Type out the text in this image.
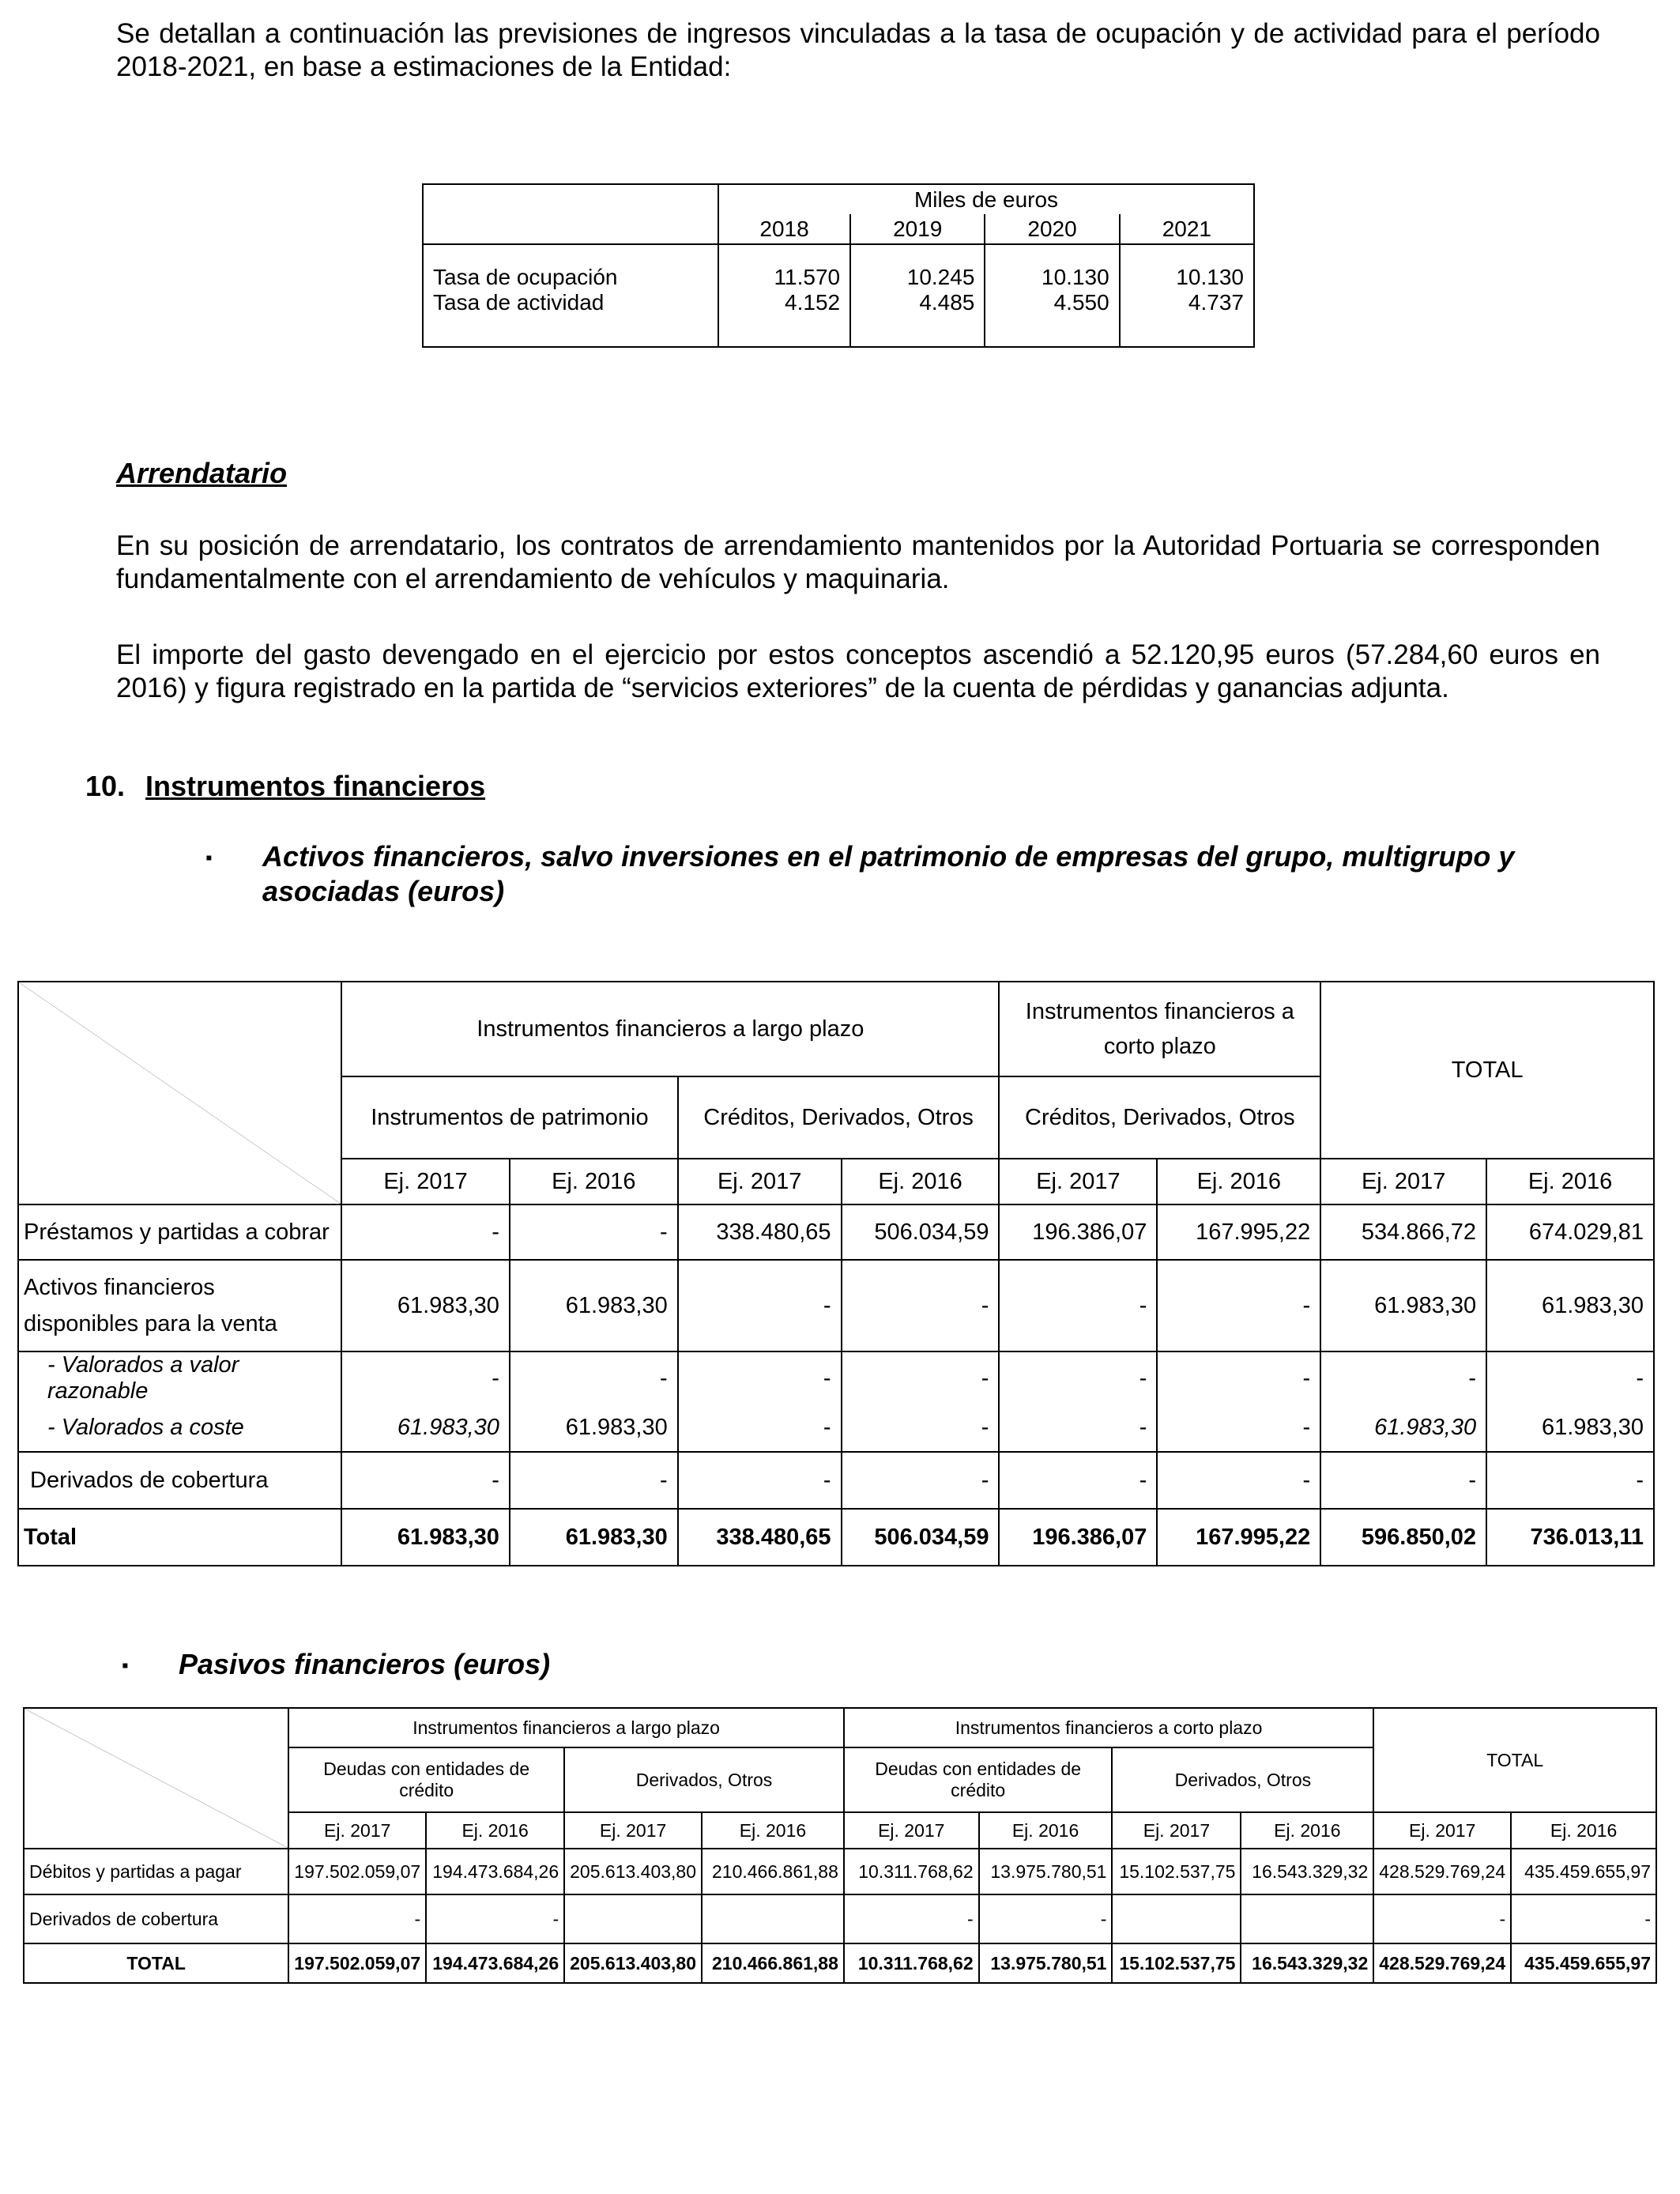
Se detallan a continuación las previsiones de ingresos vinculadas a la tasa de ocupación y de actividad para el período 2018-2021, en base a estimaciones de la Entidad:

	Miles de euros			
	2018	2019	2020	2021
Tasa de ocupación	11.570	10.245	10.130	10.130
Tasa de actividad	4.152	4.485	4.550	4.737

Arrendatario

En su posición de arrendatario, los contratos de arrendamiento mantenidos por la Autoridad Portuaria se corresponden fundamentalmente con el arrendamiento de vehículos y maquinaria.

El importe del gasto devengado en el ejercicio por estos conceptos ascendió a 52.120,95 euros (57.284,60 euros en 2016) y figura registrado en la partida de “servicios exteriores” de la cuenta de pérdidas y ganancias adjunta.

10. Instrumentos financieros

▪ Activos financieros, salvo inversiones en el patrimonio de empresas del grupo, multigrupo y asociadas (euros)
	Instrumentos financieros a largo plazo				Instrumentos financieros a corto plazo		TOTAL	
	Instrumentos de patrimonio		Créditos, Derivados, Otros		Créditos, Derivados, Otros			
	Ej. 2017	Ej. 2016	Ej. 2017	Ej. 2016	Ej. 2017	Ej. 2016	Ej. 2017	Ej. 2016
Préstamos y partidas a cobrar	-	-	338.480,65	506.034,59	196.386,07	167.995,22	534.866,72	674.029,81
Activos financieros disponibles para la venta	61.983,30	61.983,30	-	-	-	-	61.983,30	61.983,30
- Valorados a valor razonable	-	-	-	-	-	-	-	-
- Valorados a coste	61.983,30	61.983,30	-	-	-	-	61.983,30	61.983,30
Derivados de cobertura	-	-	-	-	-	-	-	-
Total	61.983,30	61.983,30	338.480,65	506.034,59	196.386,07	167.995,22	596.850,02	736.013,11
▪ Pasivos financieros (euros)
	Instrumentos financieros a largo plazo				Instrumentos financieros a corto plazo				TOTAL	
	Deudas con entidades de crédito		Derivados, Otros		Deudas con entidades de crédito		Derivados, Otros			
	Ej. 2017	Ej. 2016	Ej. 2017	Ej. 2016	Ej. 2017	Ej. 2016	Ej. 2017	Ej. 2016	Ej. 2017	Ej. 2016
Débitos y partidas a pagar	197.502.059,07	194.473.684,26	205.613.403,80	210.466.861,88	10.311.768,62	13.975.780,51	15.102.537,75	16.543.329,32	428.529.769,24	435.459.655,97
Derivados de cobertura	-	-			-	-			-	-
TOTAL	197.502.059,07	194.473.684,26	205.613.403,80	210.466.861,88	10.311.768,62	13.975.780,51	15.102.537,75	16.543.329,32	428.529.769,24	435.459.655,97
